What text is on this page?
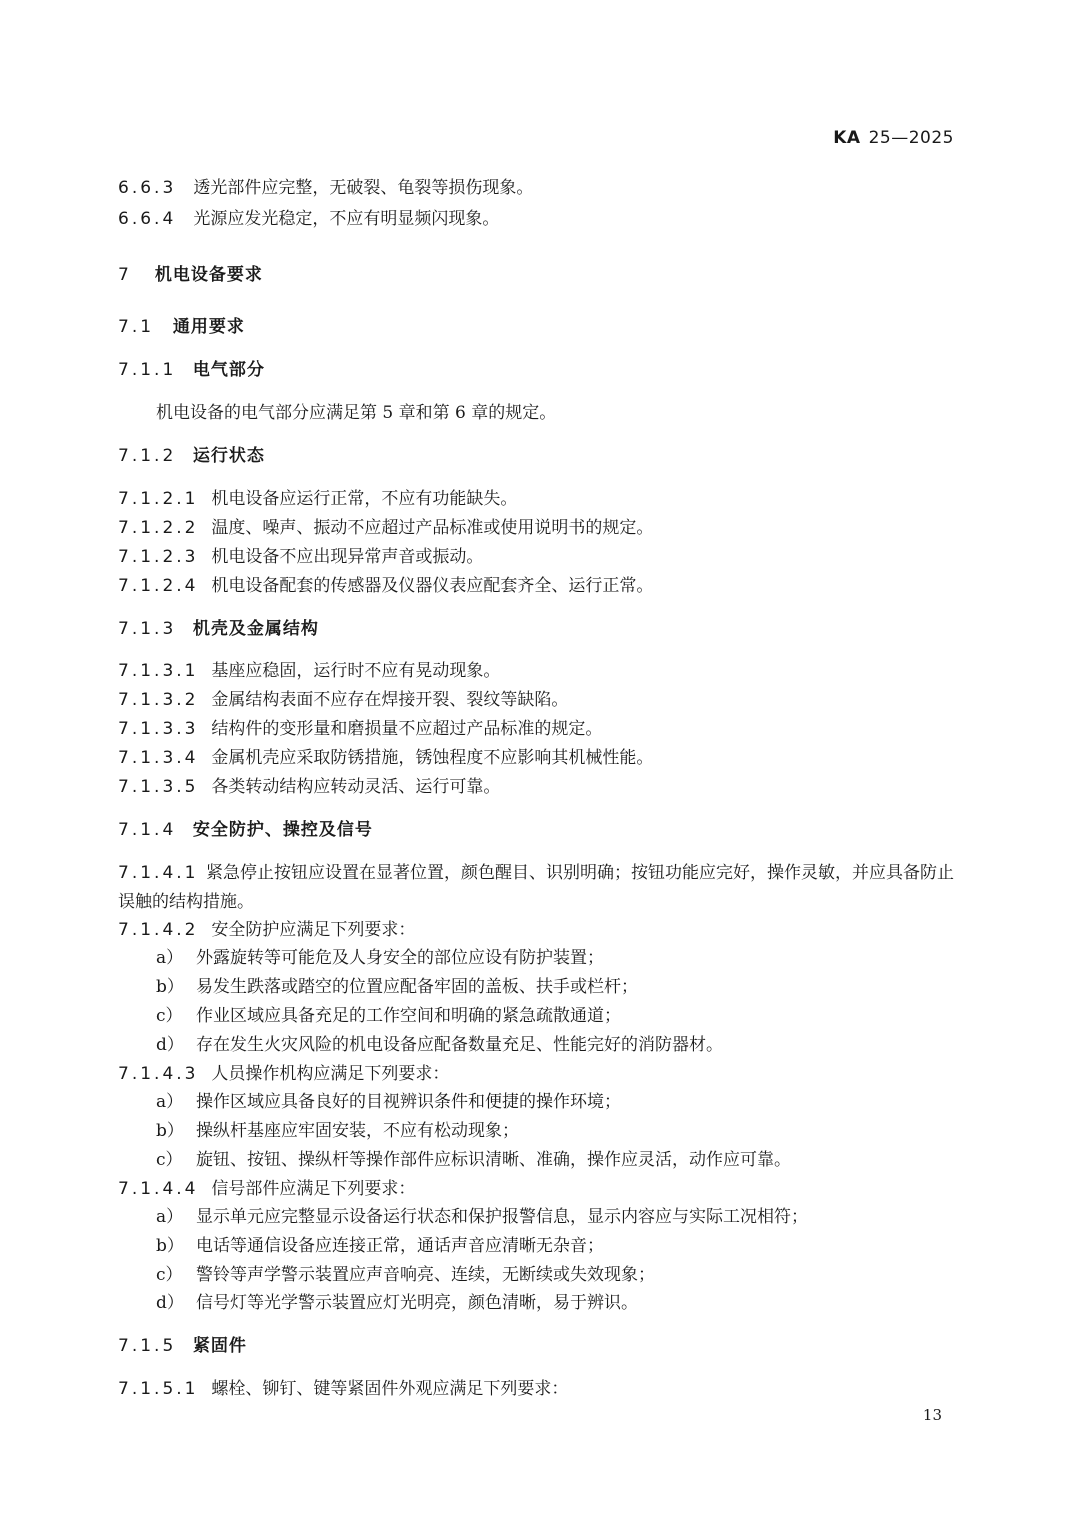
KA 25—2025
6.6.3 透光部件应完整，无破裂、龟裂等损伤现象。
6.6.4 光源应发光稳定，不应有明显频闪现象。
7 机电设备要求
7.1 通用要求
7.1.1 电气部分
机电设备的电气部分应满足第 5 章和第 6 章的规定。
7.1.2 运行状态
7.1.2.1 机电设备应运行正常，不应有功能缺失。
7.1.2.2 温度、噪声、振动不应超过产品标准或使用说明书的规定。
7.1.2.3 机电设备不应出现异常声音或振动。
7.1.2.4 机电设备配套的传感器及仪器仪表应配套齐全、运行正常。
7.1.3 机壳及金属结构
7.1.3.1 基座应稳固，运行时不应有晃动现象。
7.1.3.2 金属结构表面不应存在焊接开裂、裂纹等缺陷。
7.1.3.3 结构件的变形量和磨损量不应超过产品标准的规定。
7.1.3.4 金属机壳应采取防锈措施，锈蚀程度不应影响其机械性能。
7.1.3.5 各类转动结构应转动灵活、运行可靠。
7.1.4 安全防护、操控及信号
7.1.4.1 紧急停止按钮应设置在显著位置，颜色醒目、识别明确；按钮功能应完好，操作灵敏，并应具备防止误触的结构措施。
7.1.4.2 安全防护应满足下列要求：
a） 外露旋转等可能危及人身安全的部位应设有防护装置；
b） 易发生跌落或踏空的位置应配备牢固的盖板、扶手或栏杆；
c） 作业区域应具备充足的工作空间和明确的紧急疏散通道；
d） 存在发生火灾风险的机电设备应配备数量充足、性能完好的消防器材。
7.1.4.3 人员操作机构应满足下列要求：
a） 操作区域应具备良好的目视辨识条件和便捷的操作环境；
b） 操纵杆基座应牢固安装，不应有松动现象；
c） 旋钮、按钮、操纵杆等操作部件应标识清晰、准确，操作应灵活，动作应可靠。
7.1.4.4 信号部件应满足下列要求：
a） 显示单元应完整显示设备运行状态和保护报警信息，显示内容应与实际工况相符；
b） 电话等通信设备应连接正常，通话声音应清晰无杂音；
c） 警铃等声学警示装置应声音响亮、连续，无断续或失效现象；
d） 信号灯等光学警示装置应灯光明亮，颜色清晰，易于辨识。
7.1.5 紧固件
7.1.5.1 螺栓、铆钉、键等紧固件外观应满足下列要求：
13
